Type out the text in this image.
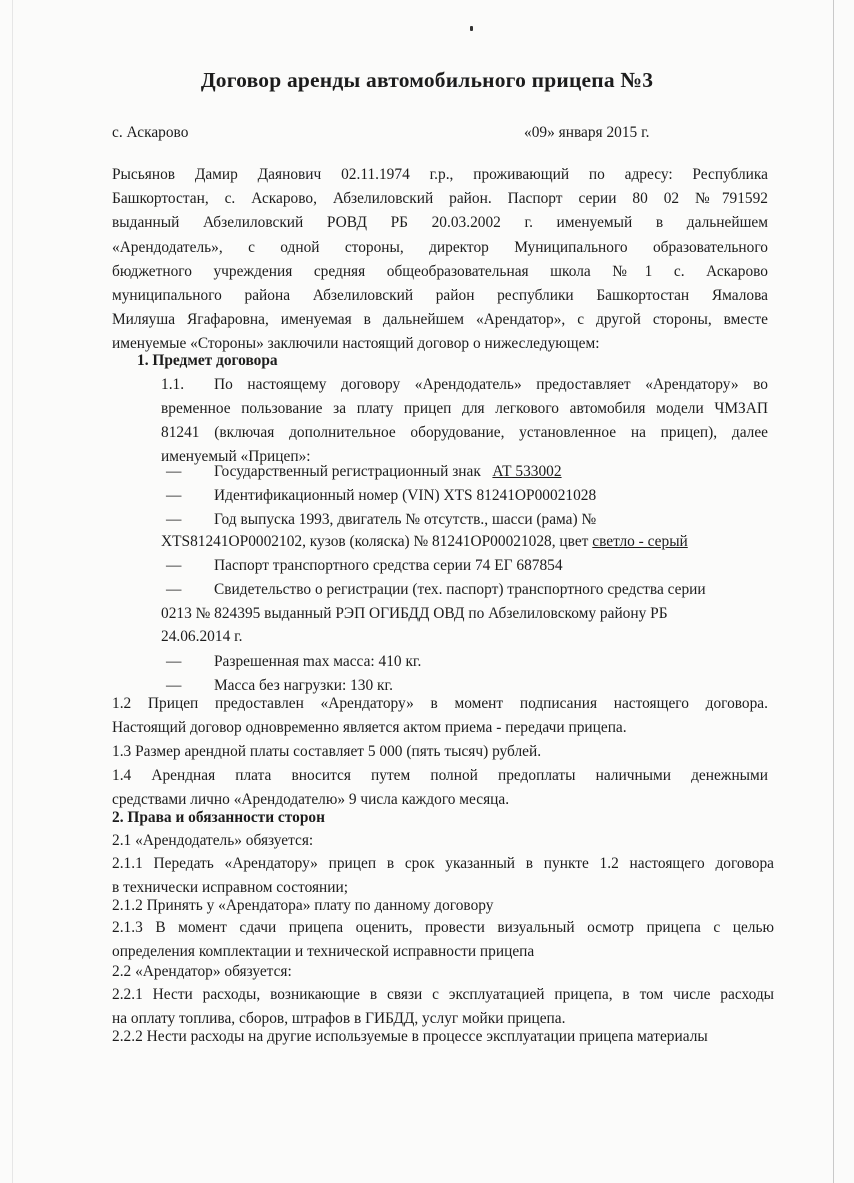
Договор аренды автомобильного прицепа №3
с. Аскарово	«09» января 2015 г.
Рысьянов Дамир Даянович 02.11.1974 г.р., проживающий по адресу: Республика
Башкортостан, с. Аскарово, Абзелиловский район. Паспорт серии 80 02 №791592
выданный Абзелиловский РОВД РБ 20.03.2002 г. именуемый в дальнейшем
«Арендодатель», с одной стороны, директор Муниципального образовательного
бюджетного учреждения средняя общеобразовательная школа №1 с. Аскарово
муниципального района Абзелиловский район республики Башкортостан Ямалова
Миляуша Ягафаровна, именуемая в дальнейшем «Арендатор», с другой стороны, вместе
именуемые «Стороны» заключили настоящий договор о нижеследующем:
1. Предмет договора
1.1. По настоящему договору «Арендодатель» предоставляет «Арендатору» во
временное пользование за плату прицеп для легкового автомобиля модели ЧМЗАП
81241 (включая дополнительное оборудование, установленное на прицеп), далее
именуемый «Прицеп»:
— Государственный регистрационный знак АТ 533002
— Идентификационный номер (VIN) XTS 81241OP00021028
— Год выпуска 1993, двигатель № отсутств., шасси (рама) №
XTS81241OP0002102, кузов (коляска) № 81241OP00021028, цвет светло - серый
— Паспорт транспортного средства серии 74 ЕГ 687854
— Свидетельство о регистрации (тех. паспорт) транспортного средства серии
0213 № 824395 выданный РЭП ОГИБДД ОВД по Абзелиловскому району РБ
24.06.2014 г.
— Разрешенная max масса: 410 кг.
— Масса без нагрузки: 130 кг.
1.2 Прицеп предоставлен «Арендатору» в момент подписания настоящего договора.
Настоящий договор одновременно является актом приема - передачи прицепа.
1.3 Размер арендной платы составляет 5 000 (пять тысяч) рублей.
1.4 Арендная плата вносится путем полной предоплаты наличными денежными
средствами лично «Арендодателю» 9 числа каждого месяца.
2. Права и обязанности сторон
2.1 «Арендодатель» обязуется:
2.1.1 Передать «Арендатору» прицеп в срок указанный в пункте 1.2 настоящего договора
в технически исправном состоянии;
2.1.2 Принять у «Арендатора» плату по данному договору
2.1.3 В момент сдачи прицепа оценить, провести визуальный осмотр прицепа с целью
определения комплектации и технической исправности прицепа
2.2 «Арендатор» обязуется:
2.2.1 Нести расходы, возникающие в связи с эксплуатацией прицепа, в том числе расходы
на оплату топлива, сборов, штрафов в ГИБДД, услуг мойки прицепа.
2.2.2 Нести расходы на другие используемые в процессе эксплуатации прицепа материалы
